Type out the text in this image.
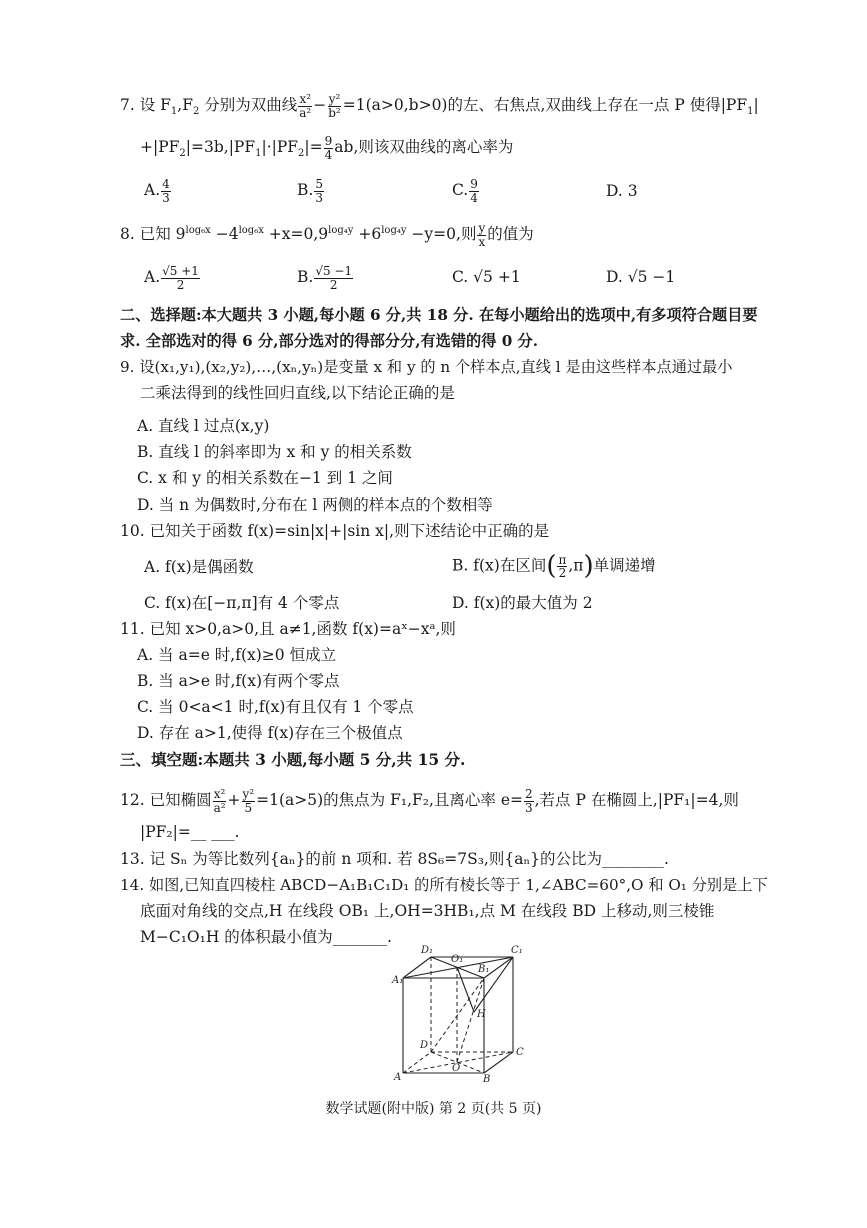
7. 设 $F_1,F_2$ 分别为双曲线 $\frac{\text{x²}}{\text{a²}} - \frac{\text{y²}}{\text{b²}} =1(a>0,b>0)$的左、右焦点,双曲线上存在一点 P 使得$|PF_1|$
$+|PF_2|=3b,|PF_1|\cdot|PF_2|= \frac{9}{4}$ ab,则该双曲线的离心率为
A. $\frac{4}{3}$	B. $\frac{5}{3}$	C. $\frac{9}{4}$	D. 3
8. 已知 $9^{log_6x} -4^{log_6x} +x=0,9^{log_4y} +6^{log_4y} -y=0$,则 $\frac{y}{x}$ 的值为
A. $\frac{√5 +1}{2}$	B. $\frac{√5 -1}{2}$	C. √5 +1	D. √5 −1
二、选择题:本大题共 3 小题,每小题 6 分,共 18 分. 在每小题给出的选项中,有多项符合题目要
求. 全部选对的得 6 分,部分选对的得部分分,有选错的得 0 分.
9. 设(x₁,y₁),(x₂,y₂),…,(xₙ,yₙ)是变量 x 和 y 的 n 个样本点,直线 l 是由这些样本点通过最小
二乘法得到的线性回归直线,以下结论正确的是
A. 直线 l 过点(x,y)
B. 直线 l 的斜率即为 x 和 y 的相关系数
C. x 和 y 的相关系数在−1 到 1 之间
D. 当 n 为偶数时,分布在 l 两侧的样本点的个数相等
10. 已知关于函数 f(x)=sin|x|+|sin x|,则下述结论中正确的是
A. f(x)是偶函数	B. f(x)在区间( $\frac{\pi}{2} ,\pi$)单调递增
C. f(x)在[−π,π]有 4 个零点	D. f(x)的最大值为 2
11. 已知 x>0,a>0,且 a≠1,函数 f(x)=aˣ−xᵃ,则
A. 当 a=e 时,f(x)≥0 恒成立
B. 当 a>e 时,f(x)有两个零点
C. 当 0<a<1 时,f(x)有且仅有 1 个零点
D. 存在 a>1,使得 f(x)存在三个极值点
三、填空题:本题共 3 小题,每小题 5 分,共 15 分.
12. 已知椭圆 $\frac{\text{x²}}{\text{a²}} + \frac{\text{y²}}{5} =1(a>5)$的焦点为 F₁,F₂,且离心率 $e= \frac{2}{3}$ ,若点 P 在椭圆上,|PF₁|=4,则
|PF₂|=__ ___.
13. 记 Sₙ 为等比数列{aₙ}的前 n 项和. 若 8S₆=7S₃,则{aₙ}的公比为________.
14. 如图,已知直四棱柱 ABCD−A₁B₁C₁D₁ 的所有棱长等于 1,∠ABC=60°,O 和 O₁ 分别是上下
底面对角线的交点,H 在线段 OB₁ 上,OH=3HB₁,点 M 在线段 BD 上移动,则三棱锥
M−C₁O₁H 的体积最小值为_______.
D₁
O₁
B₁
C₁
A₁
H
D
C
A
O
B
数学试题(附中版) 第 2 页(共 5 页)
